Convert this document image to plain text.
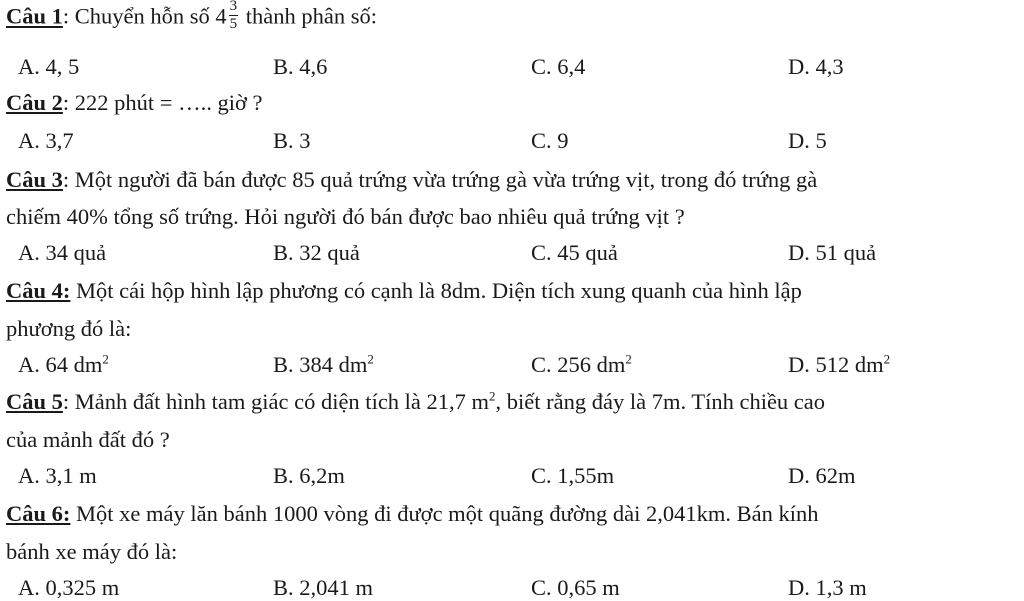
Câu 1: Chuyển hỗn số $4 \frac{3}{5}$ thành phân số:
A. 4, 5	B. 4,6	C. 6,4	D. 4,3
Câu 2: 222 phút = ….. giờ ?
A. 3,7	B. 3	C. 9	D. 5
Câu 3: Một người đã bán được 85 quả trứng vừa trứng gà vừa trứng vịt, trong đó trứng gà
chiếm 40% tổng số trứng. Hỏi người đó bán được bao nhiêu quả trứng vịt ?
A. 34 quả	B. 32 quả	C. 45 quả	D. 51 quả
Câu 4: Một cái hộp hình lập phương có cạnh là 8dm. Diện tích xung quanh của hình lập
phương đó là:
A. 64 $dm^2$	B. 384 $dm^2$	C. 256 $dm^2$	D. 512 $dm^2$
Câu 5: Mảnh đất hình tam giác có diện tích là 21,7 $m^2$, biết rằng đáy là 7m. Tính chiều cao
của mảnh đất đó ?
A. 3,1 m	B. 6,2m	C. 1,55m	D. 62m
Câu 6: Một xe máy lăn bánh 1000 vòng đi được một quãng đường dài 2,041km. Bán kính
bánh xe máy đó là:
A. 0,325 m	B. 2,041 m	C. 0,65 m	D. 1,3 m
